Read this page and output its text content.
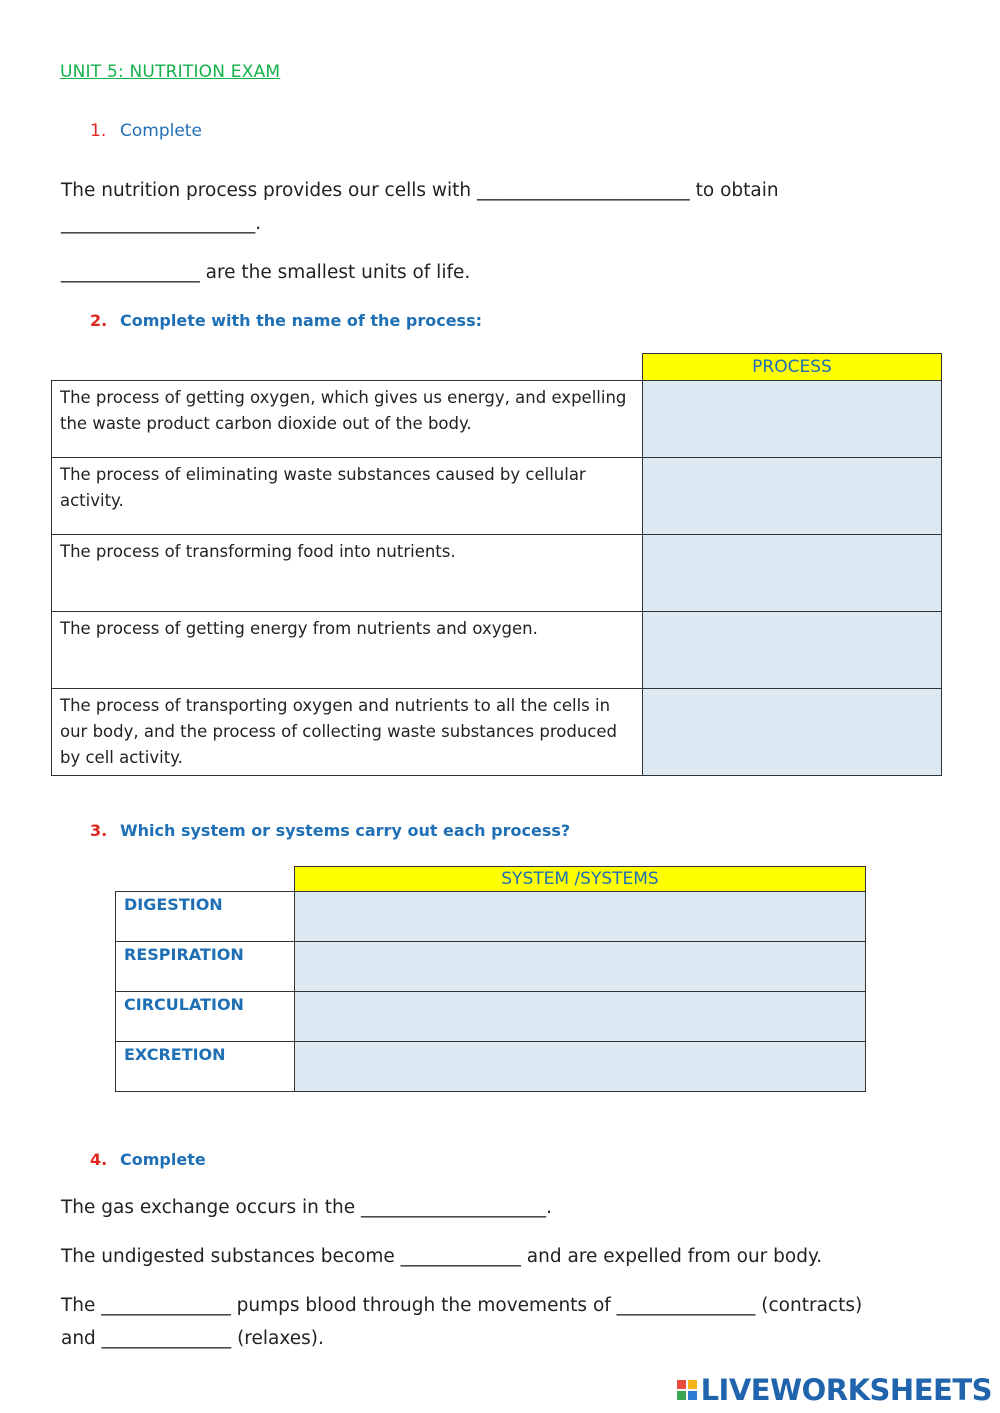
UNIT 5: NUTRITION EXAM
1. Complete
The nutrition process provides our cells with _______________________ to obtain
_____________________.
_______________ are the smallest units of life.
2. Complete with the name of the process:
	PROCESS
The process of getting oxygen, which gives us energy, and expelling the waste product carbon dioxide out of the body.	
The process of eliminating waste substances caused by cellular activity.	
The process of transforming food into nutrients.	
The process of getting energy from nutrients and oxygen.	
The process of transporting oxygen and nutrients to all the cells in our body, and the process of collecting waste substances produced by cell activity.	
3. Which system or systems carry out each process?
	SYSTEM /SYSTEMS
DIGESTION	
RESPIRATION	
CIRCULATION	
EXCRETION	
4. Complete
The gas exchange occurs in the ____________________.
The undigested substances become _____________ and are expelled from our body.
The ______________ pumps blood through the movements of _______________ (contracts)
and ______________ (relaxes).
LIVEWORKSHEETS
